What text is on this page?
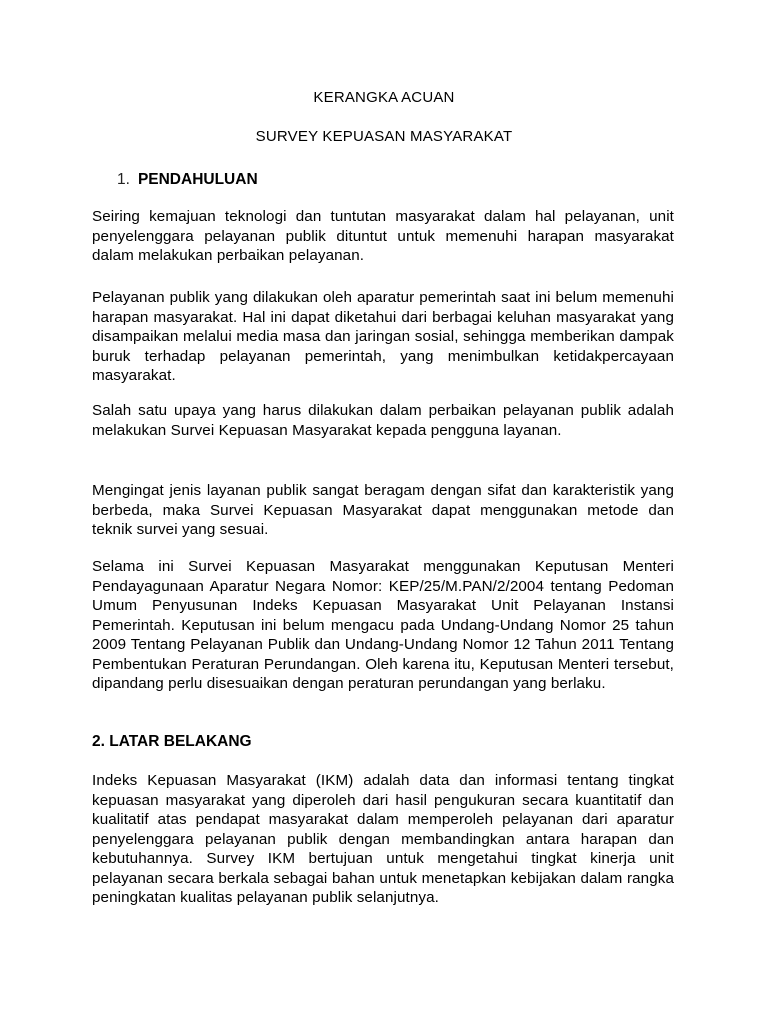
KERANGKA ACUAN
SURVEY KEPUASAN MASYARAKAT
1. PENDAHULUAN

Seiring kemajuan teknologi dan tuntutan masyarakat dalam hal pelayanan, unit penyelenggara pelayanan publik dituntut untuk memenuhi harapan masyarakat dalam melakukan perbaikan pelayanan.

Pelayanan publik yang dilakukan oleh aparatur pemerintah saat ini belum memenuhi harapan masyarakat. Hal ini dapat diketahui dari berbagai keluhan masyarakat yang disampaikan melalui media masa dan jaringan sosial, sehingga memberikan dampak buruk terhadap pelayanan pemerintah, yang menimbulkan ketidakpercayaan masyarakat.

Salah satu upaya yang harus dilakukan dalam perbaikan pelayanan publik adalah melakukan Survei Kepuasan Masyarakat kepada pengguna layanan.

Mengingat jenis layanan publik sangat beragam dengan sifat dan karakteristik yang berbeda, maka Survei Kepuasan Masyarakat dapat menggunakan metode dan teknik survei yang sesuai.

Selama ini Survei Kepuasan Masyarakat menggunakan Keputusan Menteri Pendayagunaan Aparatur Negara Nomor: KEP/25/M.PAN/2/2004 tentang Pedoman Umum Penyusunan Indeks Kepuasan Masyarakat Unit Pelayanan Instansi Pemerintah. Keputusan ini belum mengacu pada Undang-Undang Nomor 25 tahun 2009 Tentang Pelayanan Publik dan Undang-Undang Nomor 12 Tahun 2011 Tentang Pembentukan Peraturan Perundangan. Oleh karena itu, Keputusan Menteri tersebut, dipandang perlu disesuaikan dengan peraturan perundangan yang berlaku.

2. LATAR BELAKANG

Indeks Kepuasan Masyarakat (IKM) adalah data dan informasi tentang tingkat kepuasan masyarakat yang diperoleh dari hasil pengukuran secara kuantitatif dan kualitatif atas pendapat masyarakat dalam memperoleh pelayanan dari aparatur penyelenggara pelayanan publik dengan membandingkan antara harapan dan kebutuhannya. Survey IKM bertujuan untuk mengetahui tingkat kinerja unit pelayanan secara berkala sebagai bahan untuk menetapkan kebijakan dalam rangka peningkatan kualitas pelayanan publik selanjutnya.
